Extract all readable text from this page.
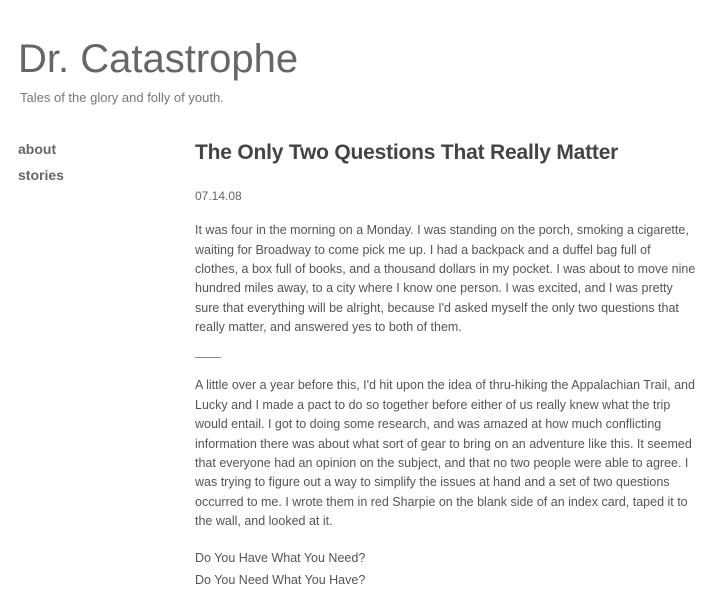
Dr. Catastrophe
Tales of the glory and folly of youth.
about
stories
The Only Two Questions That Really Matter
07.14.08

It was four in the morning on a Monday. I was standing on the porch, smoking a cigarette, waiting for Broadway to come pick me up. I had a backpack and a duffel bag full of clothes, a box full of books, and a thousand dollars in my pocket. I was about to move nine hundred miles away, to a city where I know one person. I was excited, and I was pretty sure that everything will be alright, because I'd asked myself the only two questions that really matter, and answered yes to both of them.

A little over a year before this, I'd hit upon the idea of thru-hiking the Appalachian Trail, and Lucky and I made a pact to do so together before either of us really knew what the trip would entail. I got to doing some research, and was amazed at how much conflicting information there was about what sort of gear to bring on an adventure like this. It seemed that everyone had an opinion on the subject, and that no two people were able to agree. I was trying to figure out a way to simplify the issues at hand and a set of two questions occurred to me. I wrote them in red Sharpie on the blank side of an index card, taped it to the wall, and looked at it.

Do You Have What You Need?
Do You Need What You Have?
